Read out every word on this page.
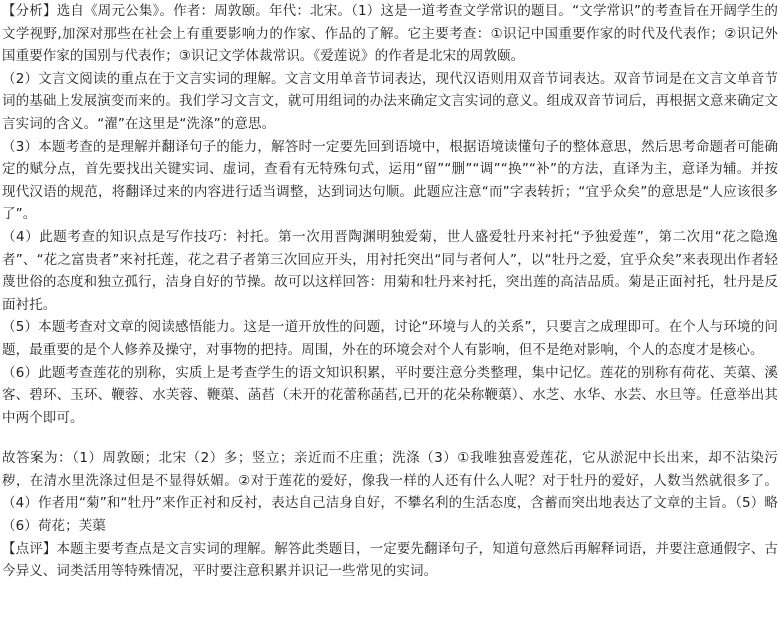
【分析】选自《周元公集》。作者：周敦颐。年代：北宋。（1）这是一道考查文学常识的题目。“文学常识”的考查旨在开阔学生的文学视野,加深对那些在社会上有重要影响力的作家、作品的了解。它主要考查：①识记中国重要作家的时代及代表作；②识记外国重要作家的国别与代表作；③识记文学体裁常识。《爱莲说》的作者是北宋的周敦颐。

（2）文言文阅读的重点在于文言实词的理解。文言文用单音节词表达，现代汉语则用双音节词表达。双音节词是在文言文单音节词的基础上发展演变而来的。我们学习文言文，就可用组词的办法来确定文言实词的意义。组成双音节词后，再根据文意来确定文言实词的含义。“濯”在这里是“洗涤”的意思。

（3）本题考查的是理解并翻译句子的能力，解答时一定要先回到语境中，根据语境读懂句子的整体意思，然后思考命题者可能确定的赋分点，首先要找出关键实词、虚词，查看有无特殊句式，运用“留”“删”“调”“换”“补”的方法，直译为主，意译为辅。并按现代汉语的规范，将翻译过来的内容进行适当调整，达到词达句顺。此题应注意“而”字表转折；“宜乎众矣”的意思是“人应该很多了”。

（4）此题考查的知识点是写作技巧：衬托。第一次用晋陶渊明独爱菊，世人盛爱牡丹来衬托“予独爱莲”，第二次用“花之隐逸者”、“花之富贵者”来衬托莲，花之君子者第三次回应开头，用衬托突出“同与者何人”，以“牡丹之爱，宜乎众矣”来表现出作者轻蔑世俗的态度和独立孤行，洁身自好的节操。故可以这样回答：用菊和牡丹来衬托，突出莲的高洁品质。菊是正面衬托，牡丹是反面衬托。

（5）本题考查对文章的阅读感悟能力。这是一道开放性的问题，讨论“环境与人的关系”，只要言之成理即可。在个人与环境的问题，最重要的是个人修养及操守，对事物的把持。周围，外在的环境会对个人有影响，但不是绝对影响，个人的态度才是核心。

（6）此题考查莲花的别称，实质上是考查学生的语文知识积累，平时要注意分类整理，集中记忆。莲花的别称有荷花、芙蕖、溪客、碧环、玉环、鞭蓉、水芙蓉、鞭蕖、菡萏（未开的花蕾称菡萏,已开的花朵称鞭蕖）、水芝、水华、水芸、水旦等。任意举出其中两个即可。

故答案为：（1）周敦颐；北宋（2）多；竖立；亲近而不庄重；洗涤（3）①我唯独喜爱莲花，它从淤泥中长出来，却不沾染污秽，在清水里洗涤过但是不显得妖媚。②对于莲花的爱好，像我一样的人还有什么人呢？对于牡丹的爱好，人数当然就很多了。（4）作者用“菊”和“牡丹”来作正衬和反衬，表达自己洁身自好，不攀名利的生活态度，含蓄而突出地表达了文章的主旨。（5）略（6）荷花；芙蕖

【点评】本题主要考查点是文言实词的理解。解答此类题目，一定要先翻译句子，知道句意然后再解释词语，并要注意通假字、古今异义、词类活用等特殊情况，平时要注意积累并识记一些常见的实词。
